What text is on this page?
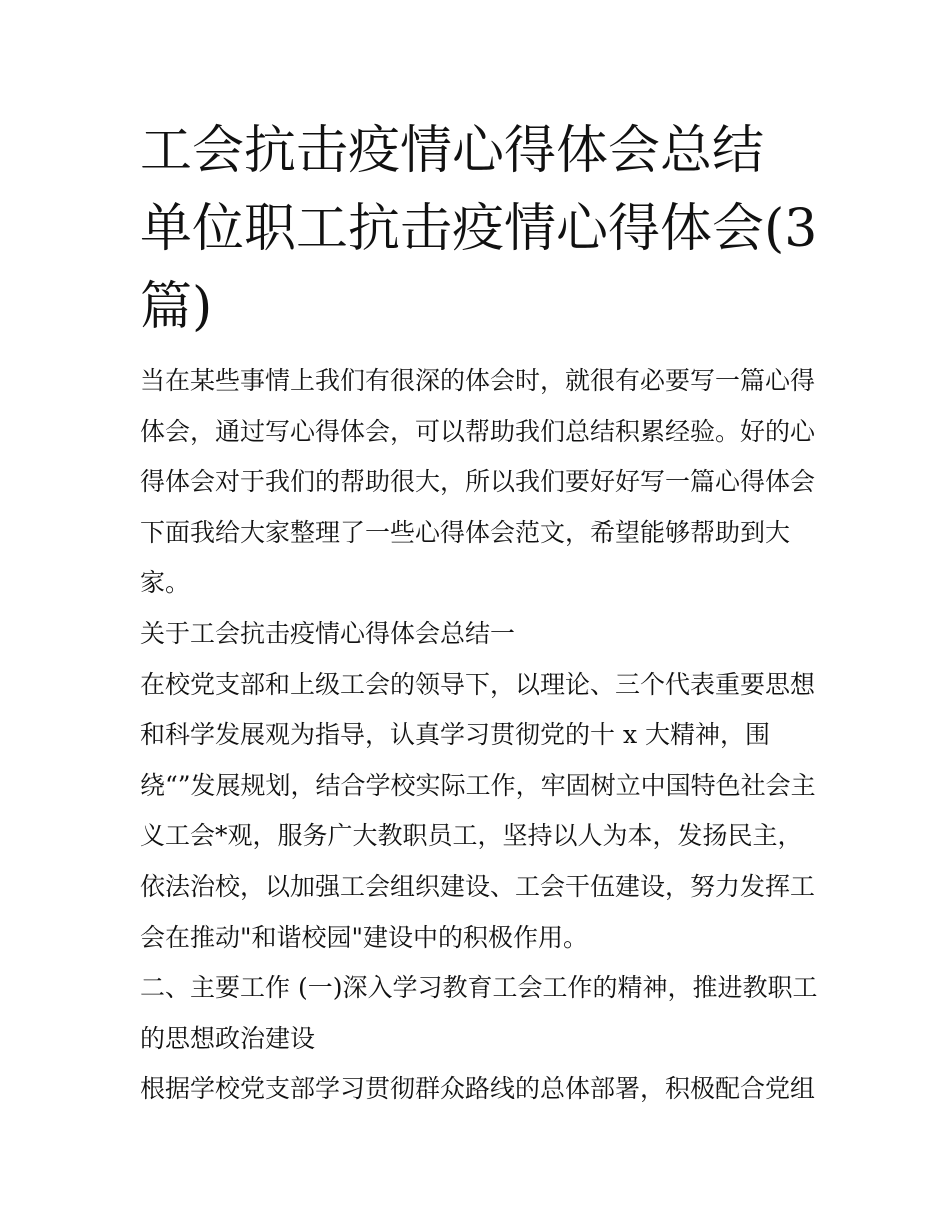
工会抗击疫情心得体会总结 单位职工抗击疫情心得体会(3篇)

当在某些事情上我们有很深的体会时，就很有必要写一篇心得体会，通过写心得体会，可以帮助我们总结积累经验。好的心得体会对于我们的帮助很大，所以我们要好好写一篇心得体会下面我给大家整理了一些心得体会范文，希望能够帮助到大家。

关于工会抗击疫情心得体会总结一

在校党支部和上级工会的领导下，以理论、三个代表重要思想和科学发展观为指导，认真学习贯彻党的十 x 大精神，围绕“”发展规划，结合学校实际工作，牢固树立中国特色社会主义工会*观，服务广大教职员工，坚持以人为本，发扬民主，依法治校，以加强工会组织建设、工会干伍建设，努力发挥工会在推动"和谐校园"建设中的积极作用。

二、主要工作 (一)深入学习教育工会工作的精神，推进教职工的思想政治建设

根据学校党支部学习贯彻群众路线的总体部署，积极配合党组
